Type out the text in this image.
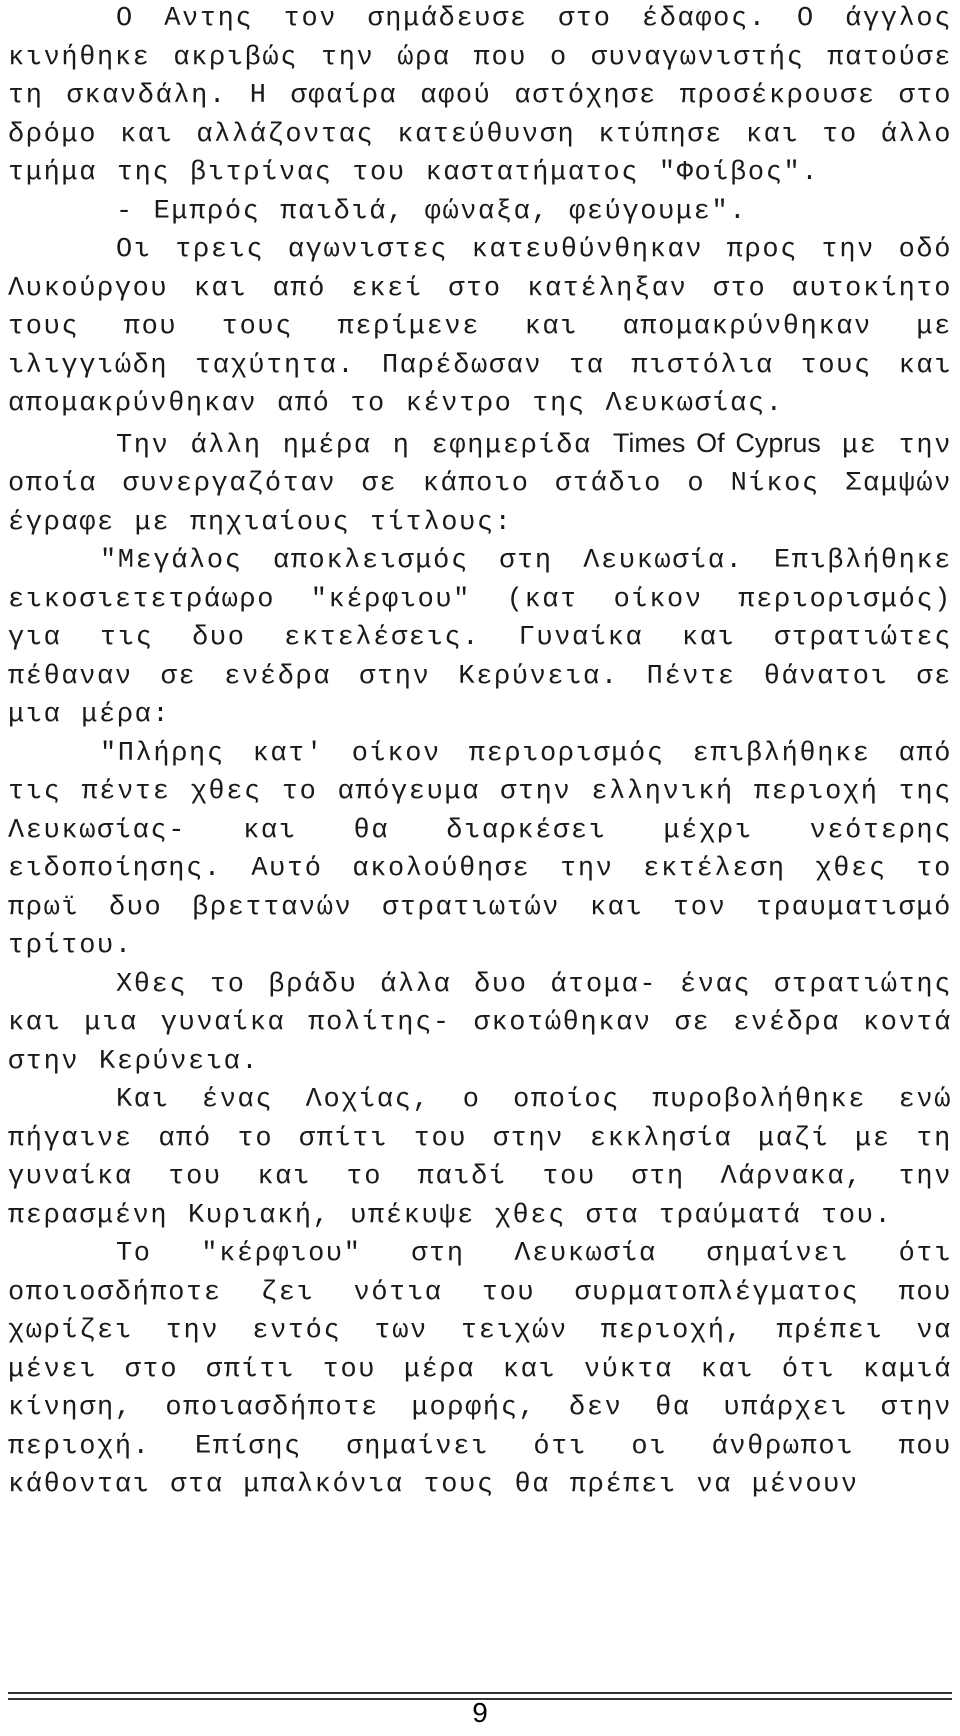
Ο Αντης τον σημάδευσε στο έδαφος. Ο άγγλος κινήθηκε ακριβώς την ώρα που ο συναγωνιστής πατούσε τη σκανδάλη. Η σφαίρα αφού αστόχησε προσέκρουσε στο δρόμο και αλλάζοντας κατεύθυνση κτύπησε και το άλλο τμήμα της βιτρίνας του καστατήματος "Φοίβος".

- Εμπρός παιδιά, φώναξα, φεύγουμε".

Οι τρεις αγωνιστες κατευθύνθηκαν προς την οδό Λυκούργου και από εκεί στο κατέληξαν στο αυτοκίητο τους που τους περίμενε και απομακρύνθηκαν με ιλιγγιώδη ταχύτητα. Παρέδωσαν τα πιστόλια τους και απομακρύνθηκαν από το κέντρο της Λευκωσίας.

Την άλλη ημέρα η εφημερίδα Times Of Cyprus με την οποία συνεργαζόταν σε κάποιο στάδιο ο Νίκος Σαμψών έγραφε με πηχιαίους τίτλους:

"Μεγάλος αποκλεισμός στη Λευκωσία. Επιβλήθηκε εικοσιετετράωρο "κέρφιου" (κατ οίκον περιορισμός) για τις δυο εκτελέσεις. Γυναίκα και στρατιώτες πέθαναν σε ενέδρα στην Κερύνεια. Πέντε θάνατοι σε μια μέρα:

"Πλήρης κατ' οίκον περιορισμός επιβλήθηκε από τις πέντε χθες το απόγευμα στην ελληνική περιοχή της Λευκωσίας- και θα διαρκέσει μέχρι νεότερης ειδοποίησης. Αυτό ακολούθησε την εκτέλεση χθες το πρωϊ δυο βρεττανών στρατιωτών και τον τραυματισμό τρίτου.

Χθες το βράδυ άλλα δυο άτομα- ένας στρατιώτης και μια γυναίκα πολίτης- σκοτώθηκαν σε ενέδρα κοντά στην Κερύνεια.

Και ένας Λοχίας, ο οποίος πυροβολήθηκε ενώ πήγαινε από το σπίτι του στην εκκλησία μαζί με τη γυναίκα του και το παιδί του στη Λάρνακα, την περασμένη Κυριακή, υπέκυψε χθες στα τραύματά του.

Το "κέρφιου" στη Λευκωσία σημαίνει ότι οποιοσδήποτε ζει νότια του συρματοπλέγματος που χωρίζει την εντός των τειχών περιοχή, πρέπει να μένει στο σπίτι του μέρα και νύκτα και ότι καμιά κίνηση, οποιασδήποτε μορφής, δεν θα υπάρχει στην περιοχή. Επίσης σημαίνει ότι οι άνθρωποι που κάθονται στα μπαλκόνια τους θα πρέπει να μένουν

9
